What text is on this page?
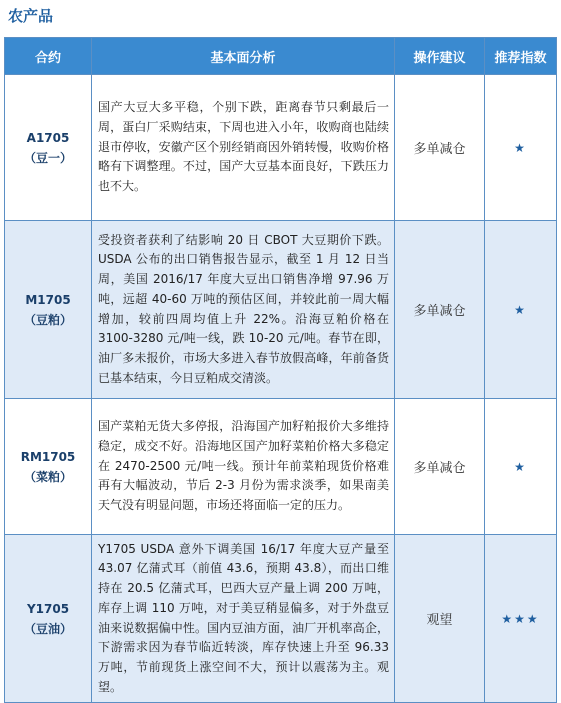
农产品
合约	基本面分析	操作建议	推荐指数

A1705
（豆一）	国产大豆大多平稳，个别下跌，距离春节只剩最后一周，蛋白厂采购结束，下周也进入小年，收购商也陆续退市停收，安徽产区个别经销商因外销转慢，收购价格略有下调整理。不过，国产大豆基本面良好，下跌压力也不大。	多单减仓	★

M1705
（豆粕）	受投资者获利了结影响 20 日 CBOT 大豆期价下跌。USDA 公布的出口销售报告显示，截至 1 月 12 日当周，美国 2016/17 年度大豆出口销售净增 97.96 万吨，远超 40-60 万吨的预估区间，并较此前一周大幅增加，较前四周均值上升 22%。沿海豆粕价格在 3100-3280 元/吨一线，跌 10-20 元/吨。春节在即，油厂多未报价，市场大多进入春节放假高峰，年前备货已基本结束，今日豆粕成交清淡。	多单减仓	★

RM1705
（菜粕）	国产菜粕无货大多停报，沿海国产加籽粕报价大多维持稳定，成交不好。沿海地区国产加籽菜粕价格大多稳定在 2470-2500 元/吨一线。预计年前菜粕现货价格难再有大幅波动，节后 2-3 月份为需求淡季，如果南美天气没有明显问题，市场还将面临一定的压力。	多单减仓	★

Y1705
（豆油）	Y1705 USDA 意外下调美国 16/17 年度大豆产量至 43.07 亿蒲式耳（前值 43.6，预期 43.8），而出口维持在 20.5 亿蒲式耳，巴西大豆产量上调 200 万吨，库存上调 110 万吨，对于美豆稍显偏多，对于外盘豆油来说数据偏中性。国内豆油方面，油厂开机率高企，下游需求因为春节临近转淡，库存快速上升至 96.33 万吨，节前现货上涨空间不大，预计以震荡为主。观望。	观望	★★★
